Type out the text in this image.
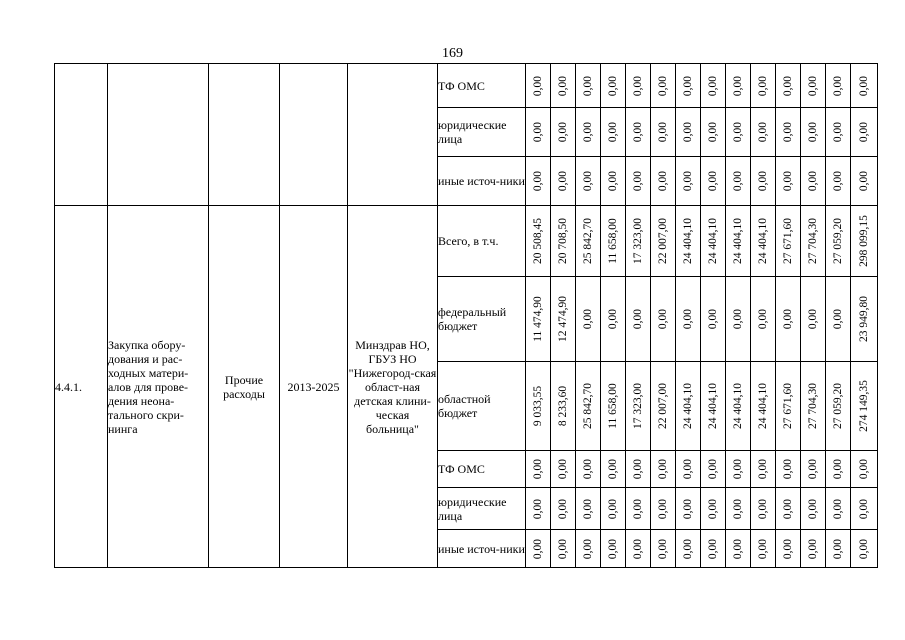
169
					ТФ ОМС	0,00	0,00	0,00	0,00	0,00	0,00	0,00	0,00	0,00	0,00	0,00	0,00	0,00	0,00

					юридические лица	0,00	0,00	0,00	0,00	0,00	0,00	0,00	0,00	0,00	0,00	0,00	0,00	0,00	0,00

					иные источ-ники	0,00	0,00	0,00	0,00	0,00	0,00	0,00	0,00	0,00	0,00	0,00	0,00	0,00	0,00

4.4.1.	Закупка обору-дования и рас-ходных матери-алов для прове-дения неона-тального скри-нинга	Прочие расходы	2013-2025	Минздрав НО, ГБУЗ НО "Нижегород-ская област-ная детская клини-ческая больница"	Всего, в т.ч.	20 508,45	20 708,50	25 842,70	11 658,00	17 323,00	22 007,00	24 404,10	24 404,10	24 404,10	24 404,10	27 671,60	27 704,30	27 059,20	298 099,15

					федеральный бюджет	11 474,90	12 474,90	0,00	0,00	0,00	0,00	0,00	0,00	0,00	0,00	0,00	0,00	0,00	23 949,80

					областной бюджет	9 033,55	8 233,60	25 842,70	11 658,00	17 323,00	22 007,00	24 404,10	24 404,10	24 404,10	24 404,10	27 671,60	27 704,30	27 059,20	274 149,35

					ТФ ОМС	0,00	0,00	0,00	0,00	0,00	0,00	0,00	0,00	0,00	0,00	0,00	0,00	0,00	0,00

					юридические лица	0,00	0,00	0,00	0,00	0,00	0,00	0,00	0,00	0,00	0,00	0,00	0,00	0,00	0,00

					иные источ-ники	0,00	0,00	0,00	0,00	0,00	0,00	0,00	0,00	0,00	0,00	0,00	0,00	0,00	0,00
